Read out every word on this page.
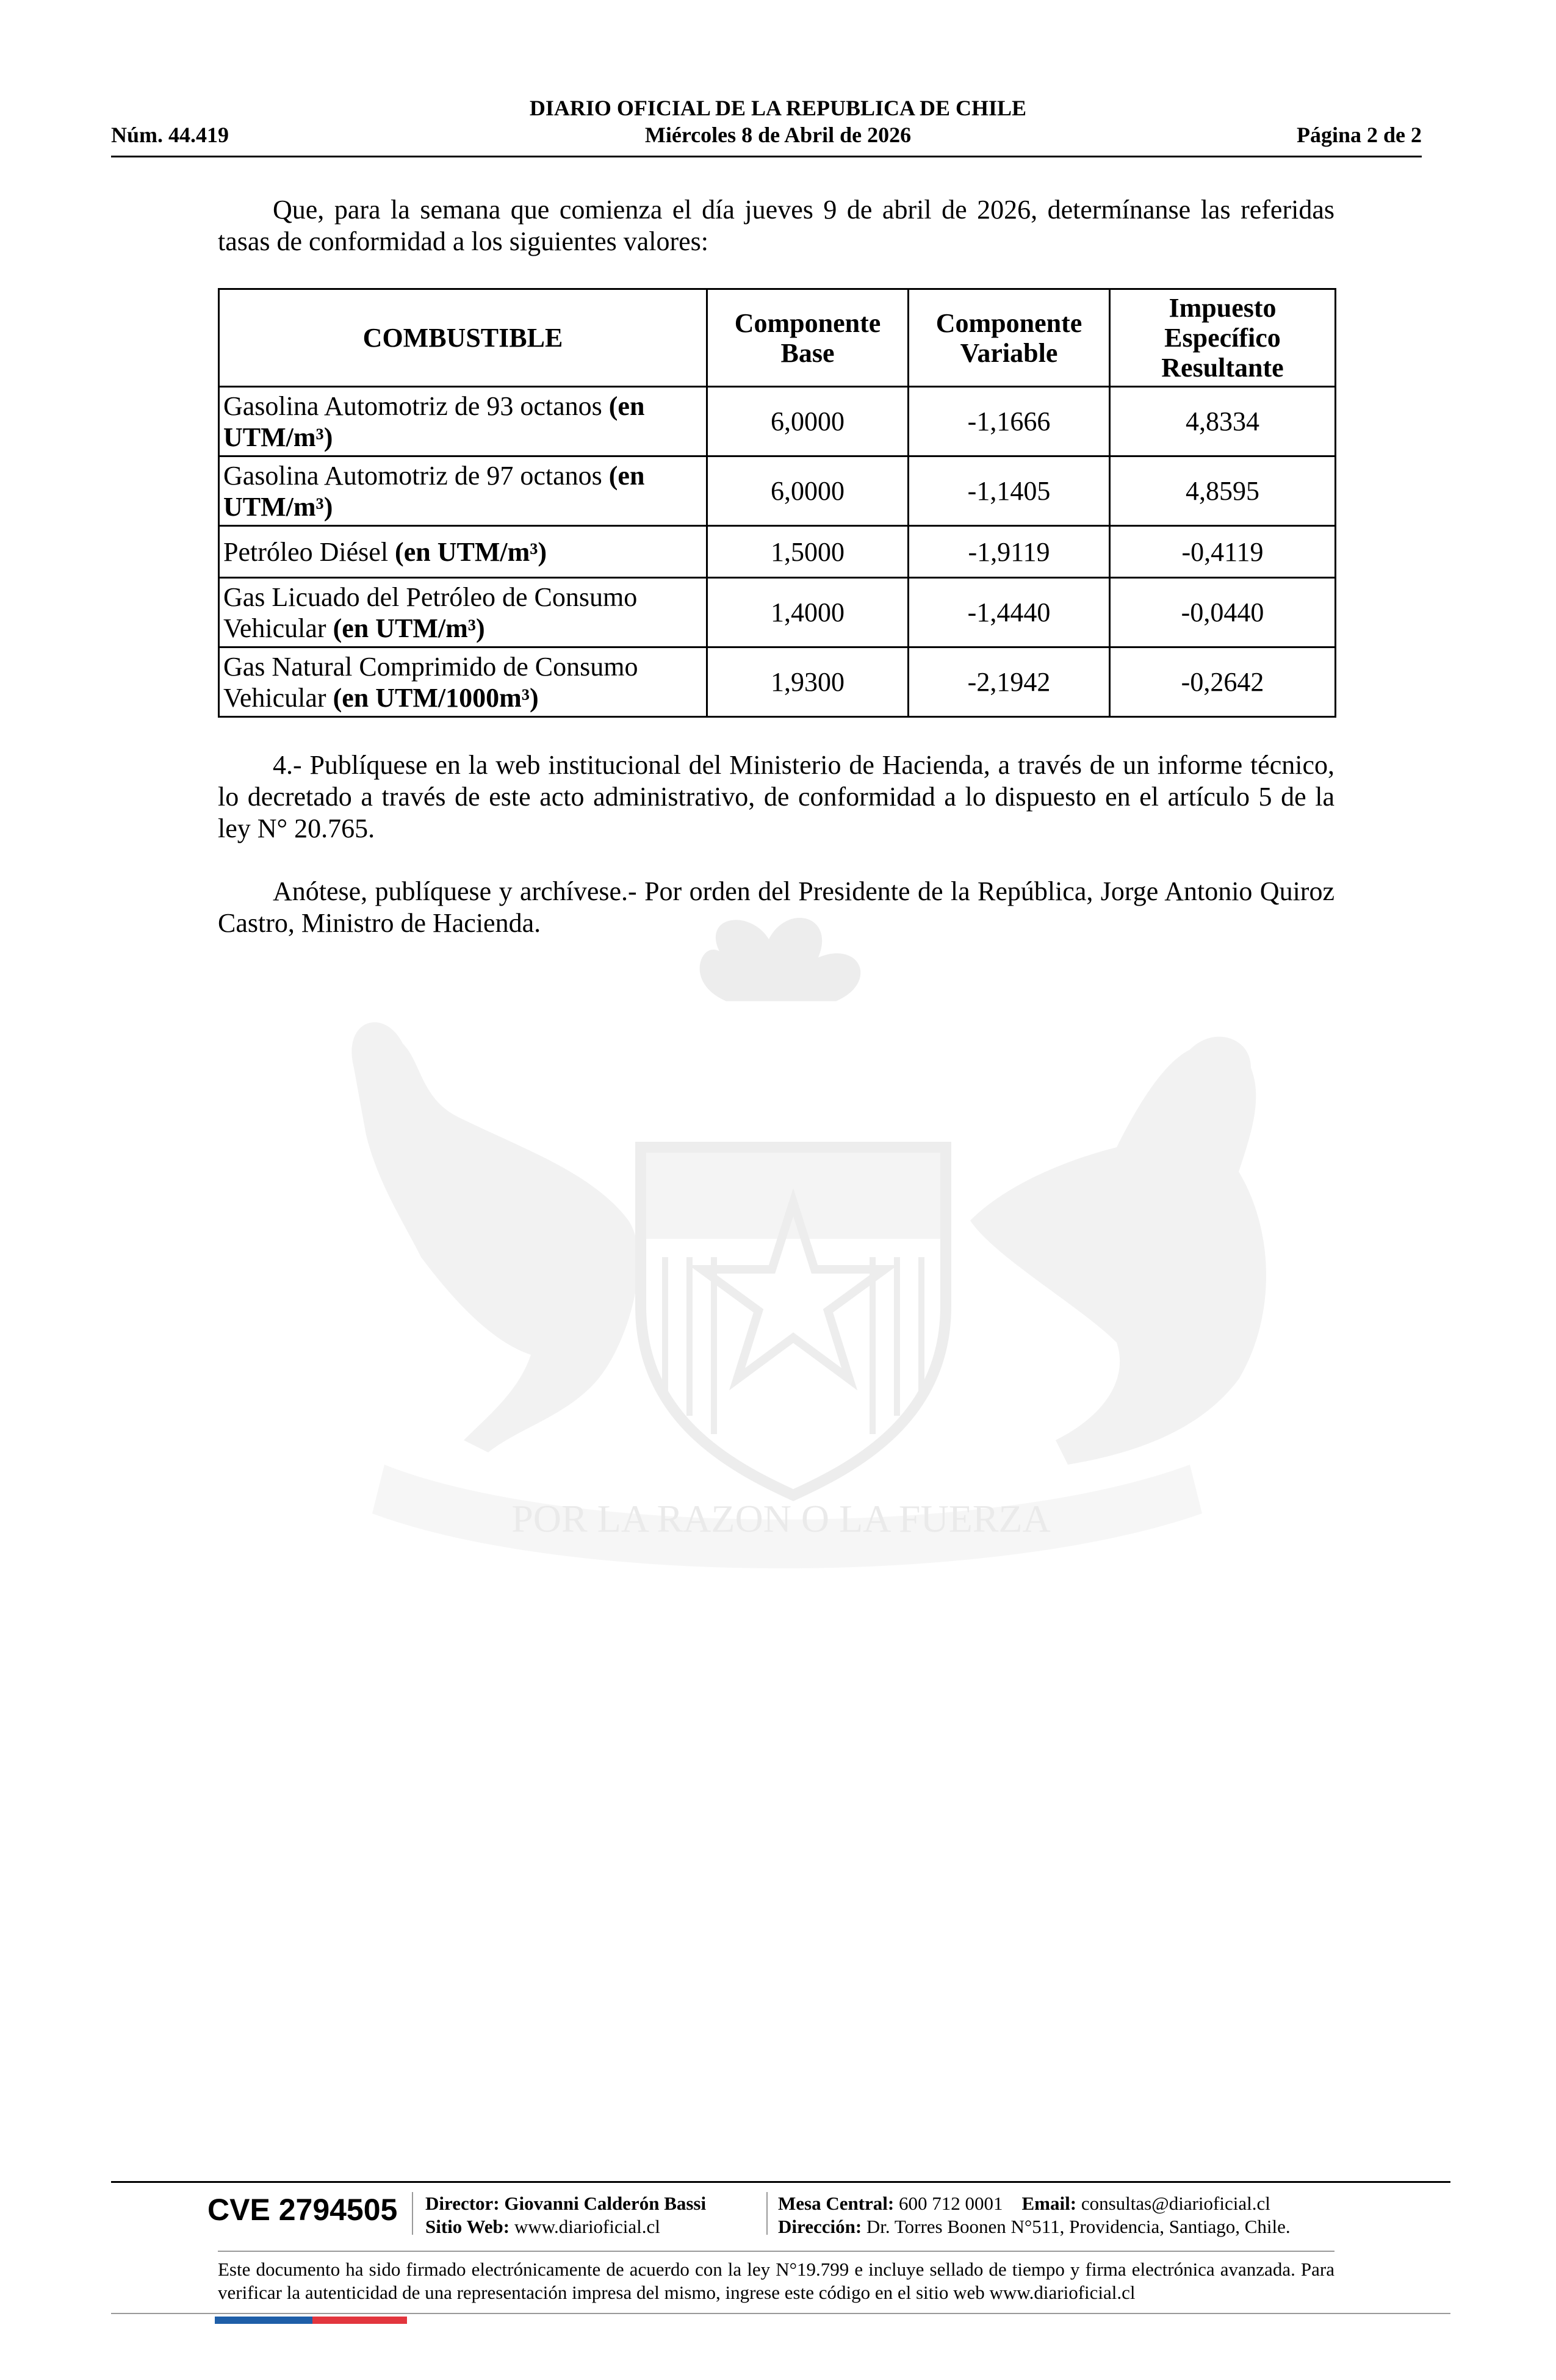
POR LA RAZON O LA FUERZA
DIARIO OFICIAL DE LA REPUBLICA DE CHILE
Núm. 44.419	Miércoles 8 de Abril de 2026	Página 2 de 2
Que, para la semana que comienza el día jueves 9 de abril de 2026, determínanse las referidas tasas de conformidad a los siguientes valores:
COMBUSTIBLE	Componente Base	Componente Variable	Impuesto Específico Resultante
Gasolina Automotriz de 93 octanos (en UTM/m³)	6,0000	-1,1666	4,8334
Gasolina Automotriz de 97 octanos (en UTM/m³)	6,0000	-1,1405	4,8595
Petróleo Diésel (en UTM/m³)	1,5000	-1,9119	-0,4119
Gas Licuado del Petróleo de Consumo Vehicular (en UTM/m³)	1,4000	-1,4440	-0,0440
Gas Natural Comprimido de Consumo Vehicular (en UTM/1000m³)	1,9300	-2,1942	-0,2642
4.- Publíquese en la web institucional del Ministerio de Hacienda, a través de un informe técnico, lo decretado a través de este acto administrativo, de conformidad a lo dispuesto en el artículo 5 de la ley N° 20.765.
Anótese, publíquese y archívese.- Por orden del Presidente de la República, Jorge Antonio Quiroz Castro, Ministro de Hacienda.
CVE 2794505 Director: Giovanni Calderón Bassi
Sitio Web: www.diarioficial.cl
Mesa Central: 600 712 0001 Email: consultas@diarioficial.cl
Dirección: Dr. Torres Boonen N°511, Providencia, Santiago, Chile.
Este documento ha sido firmado electrónicamente de acuerdo con la ley N°19.799 e incluye sellado de tiempo y firma electrónica avanzada. Para verificar la autenticidad de una representación impresa del mismo, ingrese este código en el sitio web www.diarioficial.cl
